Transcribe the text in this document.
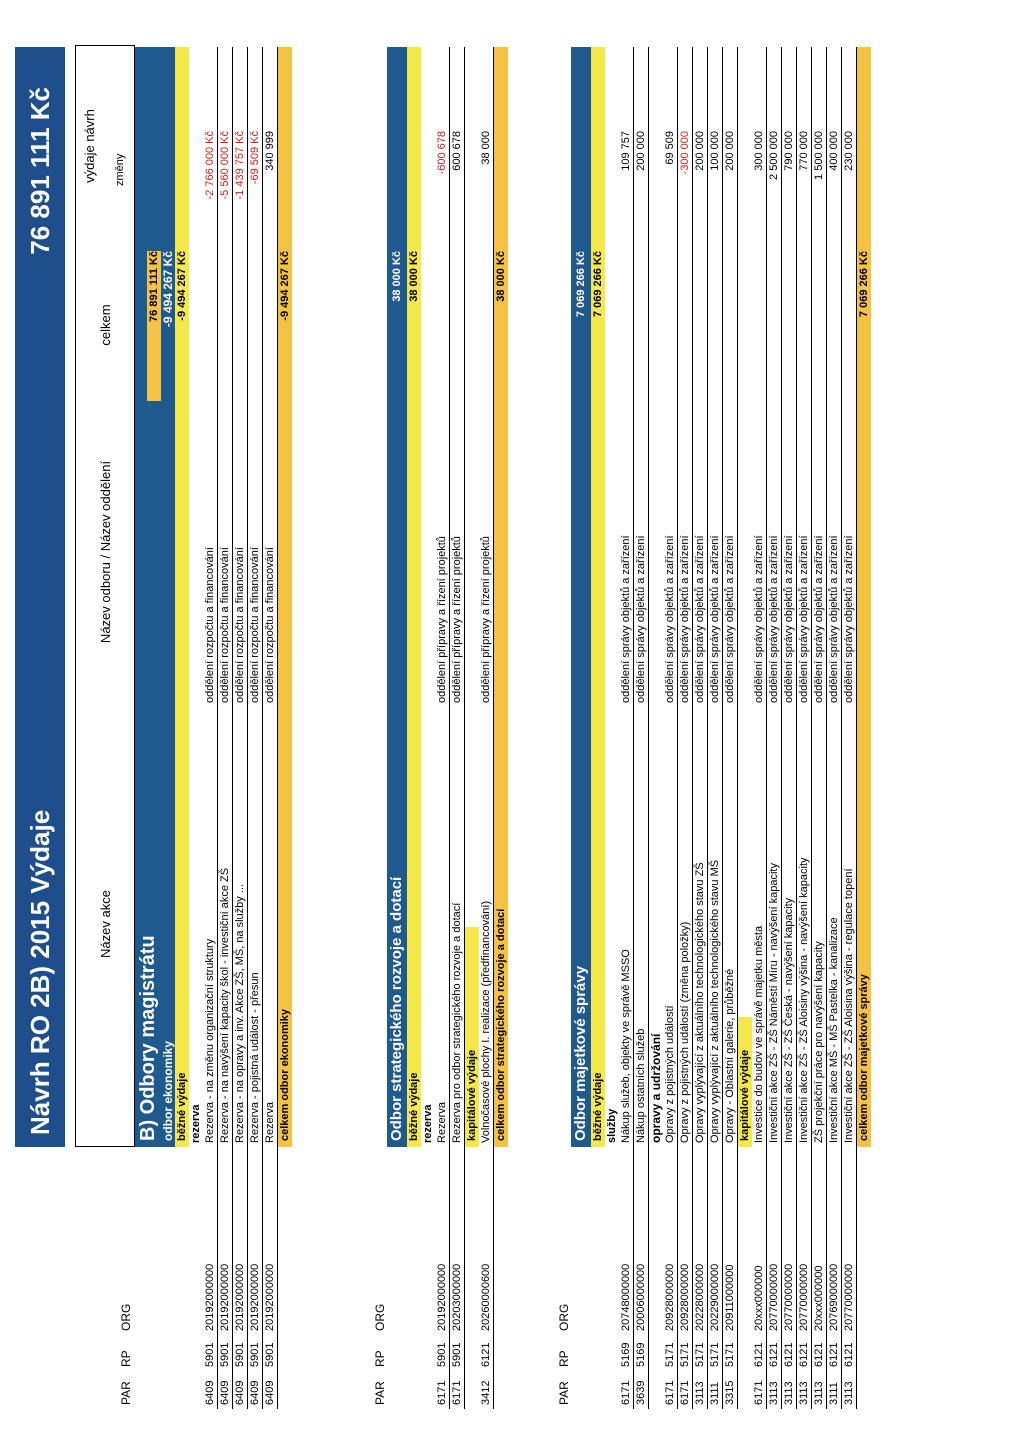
Návrh RO 2B) 2015 Výdaje
76 891 111 Kč
Název akce
Název odboru / Název oddělení
celkem
výdaje návrh	změny
PAR
RP
ORG
B) Odbory magistrátu
76 891 111 Kč
odbor ekonomiky
-9 494 267 Kč
běžné výdaje
-9 494 267 Kč
rezerva
6409
5901
20192000000
Rezerva - na změnu organizační struktury
oddělení rozpočtu a financování
-2 766 000 Kč
6409
5901
20192000000
Rezerva - na navýšení kapacity škol - investiční akce ZŠ
oddělení rozpočtu a financování
-5 560 000 Kč
6409
5901
20192000000
Rezerva - na opravy a inv. Akce ZŠ, MŠ, na služby ...
oddělení rozpočtu a financování
-1 439 757 Kč
6409
5901
20192000000
Rezerva - pojistná událost - přesun
oddělení rozpočtu a financování
-69 509 Kč
6409
5901
20192000000
Rezerva
oddělení rozpočtu a financování
340 999
celkem odbor ekonomiky
-9 494 267 Kč
PAR
RP
ORG
Odbor strategického rozvoje a dotací
38 000 Kč
běžné výdaje
38 000 Kč
rezerva
6171
5901
20192000000
Rezerva
oddělení přípravy a řízení projektů
-600 678
6171
5901
20203000000
Rezerva pro odbor strategického rozvoje a dotací
oddělení přípravy a řízení projektů
600 678
kapitálové výdaje
3412
6121
20260000600
Volnočasové plochy I. realizace (předfinancování)
oddělení přípravy a řízení projektů
38 000
celkem odbor strategického rozvoje a dotací
38 000 Kč
PAR
RP
ORG
Odbor majetkové správy
7 069 266 Kč
běžné výdaje
7 069 266 Kč
služby
6171
5169
20748000000
Nákup služeb, objekty ve správě MSSO
oddělení správy objektů a zařízení
109 757
3639
5169
20006000000
Nákup ostatních služeb
oddělení správy objektů a zařízení
200 000
opravy a udržování
6171
5171
20928000000
Opravy z pojistných událostí
oddělení správy objektů a zařízení
69 509
6171
5171
20928000000
Opravy z pojistných událostí (změna položky)
oddělení správy objektů a zařízení
-300 000
3113
5171
20228000000
Opravy vyplývající z aktuálního technologického stavu ZŠ
oddělení správy objektů a zařízení
200 000
3111
5171
20229000000
Opravy vyplývající z aktuálního technologického stavu MŠ
oddělení správy objektů a zařízení
100 000
3315
5171
20911000000
Opravy - Oblastní galerie, průběžné
oddělení správy objektů a zařízení
200 000
kapitálové výdaje
6171
6121
20xxx000000
Investice do budov ve správě majetku města
oddělení správy objektů a zařízení
300 000
3113
6121
20770000000
Investiční akce ZŠ - ZŠ Náměstí Míru - navýšení kapacity
oddělení správy objektů a zařízení
2 500 000
3113
6121
20770000000
Investiční akce ZŠ - ZŠ Česká - navýšení kapacity
oddělení správy objektů a zařízení
790 000
3113
6121
20770000000
Investiční akce ZŠ - ZŠ Aloisiny výšina - navýšení kapacity
oddělení správy objektů a zařízení
770 000
3113
6121
20xxx000000
ZŠ projekční práce pro navýšení kapacity
oddělení správy objektů a zařízení
1 500 000
3111
6121
20769000000
Investiční akce MŠ - MŠ Pastelka - kanalizace
oddělení správy objektů a zařízení
400 000
3113
6121
20770000000
Investiční akce ZŠ - ZŠ Aloisina výšina - regulace topení
oddělení správy objektů a zařízení
230 000
celkem odbor majetkové správy
7 069 266 Kč
